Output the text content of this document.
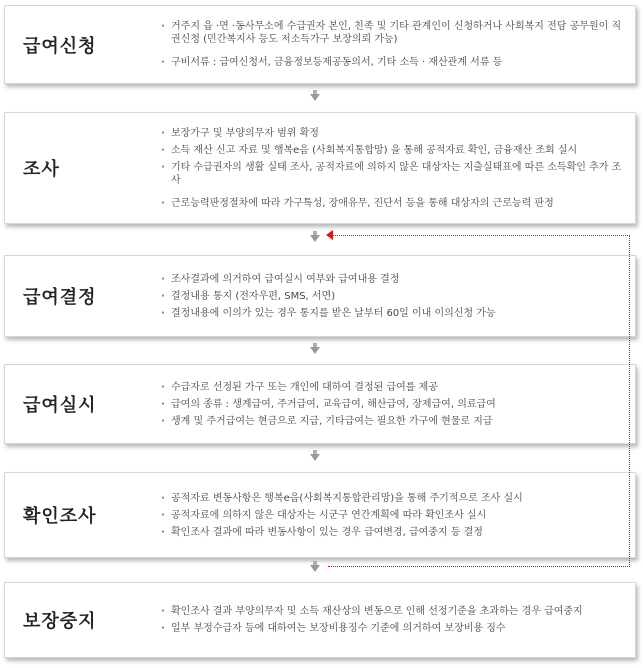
급여신청
· 거주지 읍 ·면 ·동사무소에 수급권자 본인, 친족 및 기타 관계인이 신청하거나 사회복지 전담 공무원이 직권신청 (민간복지사 등도 저소득가구 보장의뢰 가능)
· 구비서류 : 급여신청서, 금융정보등제공동의서, 기타 소득 · 재산관계 서류 등
조사
· 보장가구 및 부양의무자 범위 확정
· 소득 재산 신고 자료 및 행복e음 (사회복지통합망) 을 통해 공적자료 확인, 금융재산 조회 실시
· 기타 수급권자의 생활 실태 조사, 공적자료에 의하지 않은 대상자는 지출실태표에 따른 소득확인 추가 조사
· 근로능력판정절차에 따라 가구특성, 장애유무, 진단서 등을 통해 대상자의 근로능력 판정
급여결정
· 조사결과에 의거하여 급여실시 여부와 급여내용 결정
· 결정내용 통지 (전자우편, SMS, 서면)
· 결정내용에 이의가 있는 경우 통지를 받은 날부터 60일 이내 이의신청 가능
급여실시
· 수급자로 선정된 가구 또는 개인에 대하여 결정된 급여를 제공
· 급여의 종류 : 생계급여, 주거급여, 교육급여, 해산급여, 장제급여, 의료급여
· 생계 및 주거급여는 현금으로 지급, 기타급여는 필요한 가구에 현물로 지급
확인조사
· 공적자료 변동사항은 행복e음(사회복지통합관리망)을 통해 주기적으로 조사 실시
· 공적자료에 의하지 않은 대상자는 시군구 연간계획에 따라 확인조사 실시
· 확인조사 결과에 따라 변동사항이 있는 경우 급여변경, 급여중지 등 결정
보장중지
·	확인조사 결과 부양의무자 및 소득 재산상의 변동으로 인해 선정기준을 초과하는 경우 급여중지
· 일부 부정수급자 등에 대하여는 보장비용징수 기준에 의거하여 보장비용 징수
